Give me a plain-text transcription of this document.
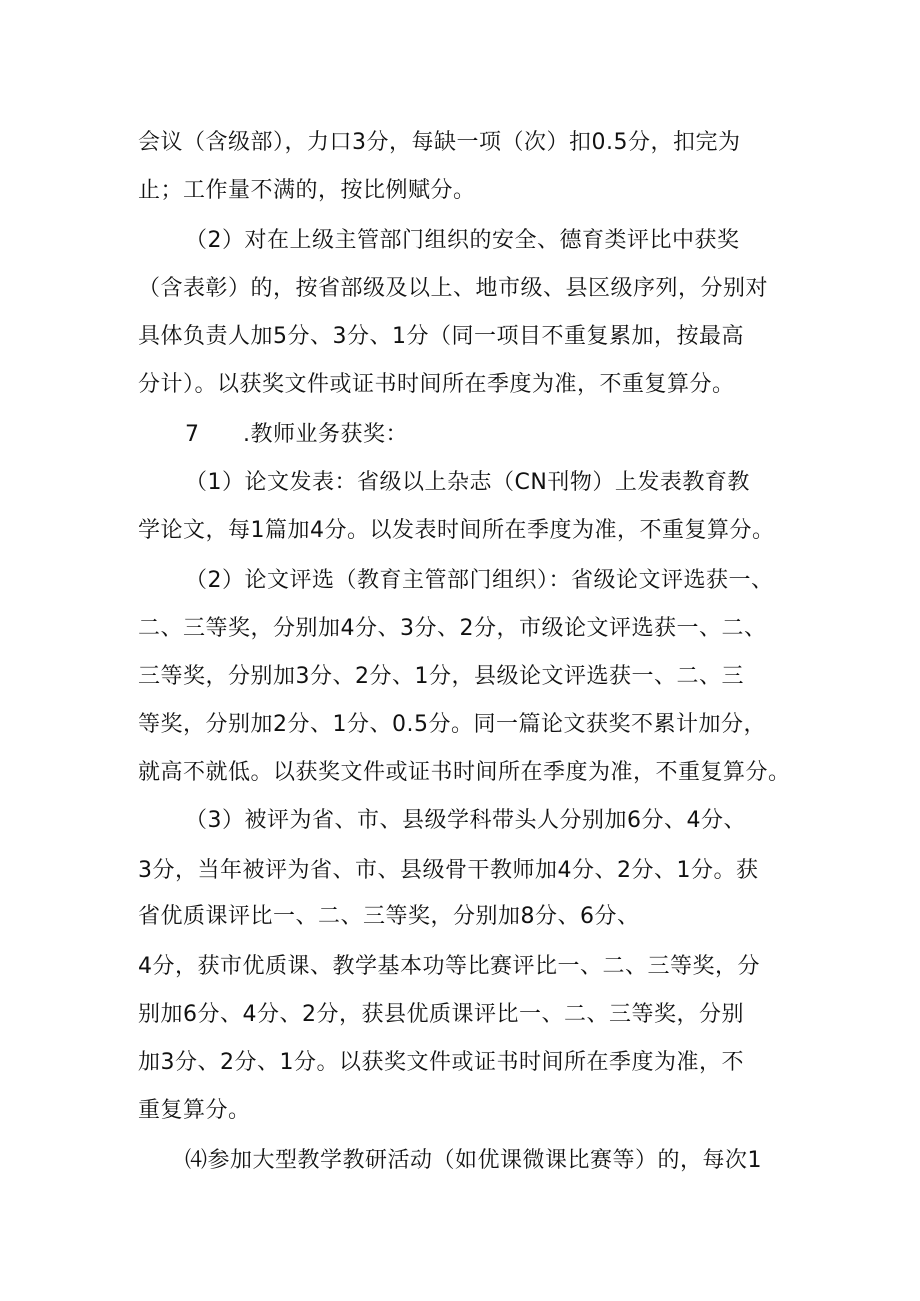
会议（含级部），力口3分，每缺一项（次）扣0.5分，扣完为
止；工作量不满的，按比例赋分。
（2）对在上级主管部门组织的安全、德育类评比中获奖
（含表彰）的，按省部级及以上、地市级、县区级序列，分别对
具体负责人加5分、3分、1分（同一项目不重复累加，按最高
分计）。以获奖文件或证书时间所在季度为准，不重复算分。
7 .教师业务获奖：
（1）论文发表：省级以上杂志（CN刊物）上发表教育教
学论文，每1篇加4分。以发表时间所在季度为准，不重复算分。
（2）论文评选（教育主管部门组织）：省级论文评选获一、
二、三等奖，分别加4分、3分、2分，市级论文评选获一、二、
三等奖，分别加3分、2分、1分，县级论文评选获一、二、三
等奖，分别加2分、1分、0.5分。同一篇论文获奖不累计加分，
就高不就低。以获奖文件或证书时间所在季度为准，不重复算分。
（3）被评为省、市、县级学科带头人分别加6分、4分、
3分，当年被评为省、市、县级骨干教师加4分、2分、1分。获
省优质课评比一、二、三等奖，分别加8分、6分、
4分，获市优质课、教学基本功等比赛评比一、二、三等奖，分
别加6分、4分、2分，获县优质课评比一、二、三等奖，分别
加3分、2分、1分。以获奖文件或证书时间所在季度为准，不
重复算分。
⑷参加大型教学教研活动（如优课微课比赛等）的，每次1
